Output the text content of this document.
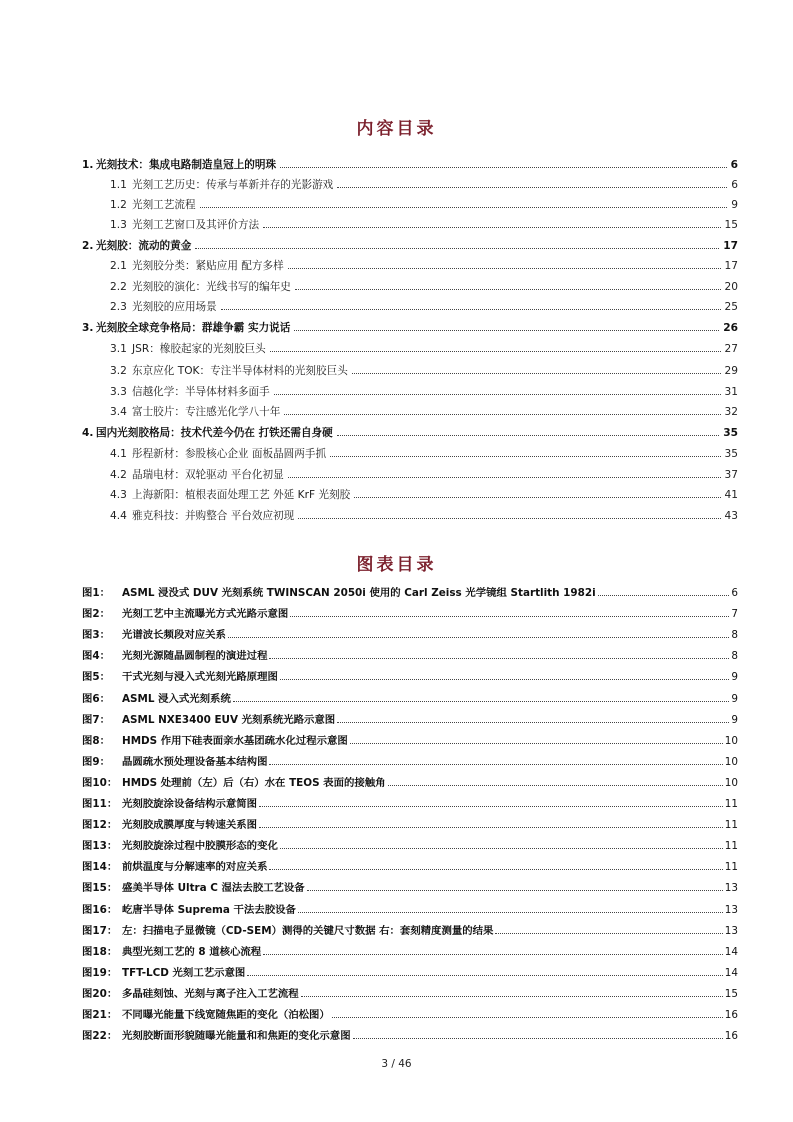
内容目录
1. 光刻技术：集成电路制造皇冠上的明珠	6
1.1 光刻工艺历史：传承与革新并存的光影游戏	6
1.2 光刻工艺流程	9
1.3 光刻工艺窗口及其评价方法	15
2. 光刻胶：流动的黄金	17
2.1 光刻胶分类：紧贴应用 配方多样	17
2.2 光刻胶的演化：光线书写的编年史	20
2.3 光刻胶的应用场景	25
3. 光刻胶全球竞争格局：群雄争霸 实力说话	26
3.1 JSR：橡胶起家的光刻胶巨头	27
3.2 东京应化 TOK：专注半导体材料的光刻胶巨头	29
3.3 信越化学：半导体材料多面手	31
3.4 富士胶片：专注感光化学八十年	32
4. 国内光刻胶格局：技术代差今仍在 打铁还需自身硬	35
4.1 彤程新材：参股核心企业 面板晶圆两手抓	35
4.2 晶瑞电材：双轮驱动 平台化初显	37
4.3 上海新阳：植根表面处理工艺 外延 KrF 光刻胶	41
4.4 雅克科技：并购整合 平台效应初现	43
图表目录
图1：	ASML 浸没式 DUV 光刻系统 TWINSCAN 2050i 使用的 Carl Zeiss 光学镜组 Startlith 1982i	6
图2：	光刻工艺中主流曝光方式光路示意图	7
图3：	光谱波长频段对应关系	8
图4：	光刻光源随晶圆制程的演进过程	8
图5：	干式光刻与浸入式光刻光路原理图	9
图6：	ASML 浸入式光刻系统	9
图7：	ASML NXE3400 EUV 光刻系统光路示意图	9
图8：	HMDS 作用下硅表面亲水基团疏水化过程示意图	10
图9：	晶圆疏水预处理设备基本结构图	10
图10： HMDS 处理前（左）后（右）水在 TEOS 表面的接触角	10
图11： 光刻胶旋涂设备结构示意简图	11
图12： 光刻胶成膜厚度与转速关系图	11
图13： 光刻胶旋涂过程中胶膜形态的变化	11
图14： 前烘温度与分解速率的对应关系	11
图15： 盛美半导体 Ultra C 湿法去胶工艺设备	13
图16： 屹唐半导体 Suprema 干法去胶设备	13
图17： 左：扫描电子显微镜（CD-SEM）测得的关键尺寸数据 右：套刻精度测量的结果	13
图18： 典型光刻工艺的 8 道核心流程	14
图19： TFT-LCD 光刻工艺示意图	14
图20： 多晶硅刻蚀、光刻与离子注入工艺流程	15
图21： 不同曝光能量下线宽随焦距的变化（泊松图）	16
图22： 光刻胶断面形貌随曝光能量和和焦距的变化示意图	16
3 / 46
